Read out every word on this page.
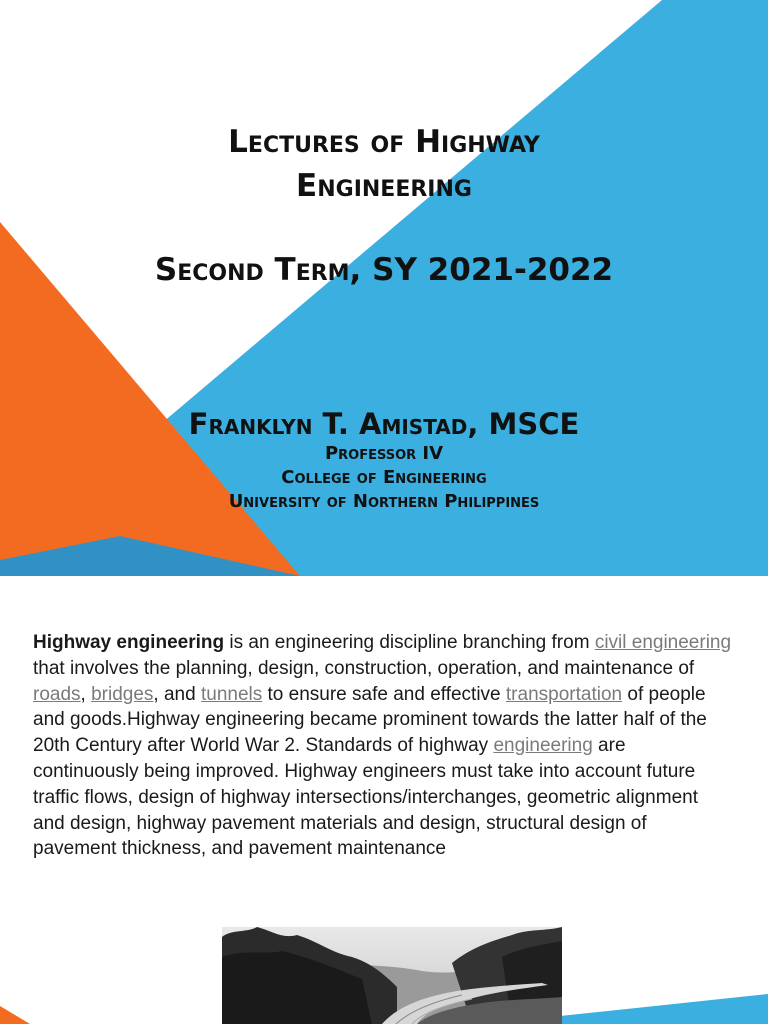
Lectures of Highway
Engineering
Second Term, SY 2021-2022
Franklyn T. Amistad, MSCE
Professor IV
College of Engineering
University of Northern Philippines
Highway engineering is an engineering discipline branching from civil engineering that involves the planning, design, construction, operation, and maintenance of roads, bridges, and tunnels to ensure safe and effective transportation of people and goods.Highway engineering became prominent towards the latter half of the 20th Century after World War 2. Standards of highway engineering are continuously being improved. Highway engineers must take into account future traffic flows, design of highway intersections/interchanges, geometric alignment and design, highway pavement materials and design, structural design of pavement thickness, and pavement maintenance
